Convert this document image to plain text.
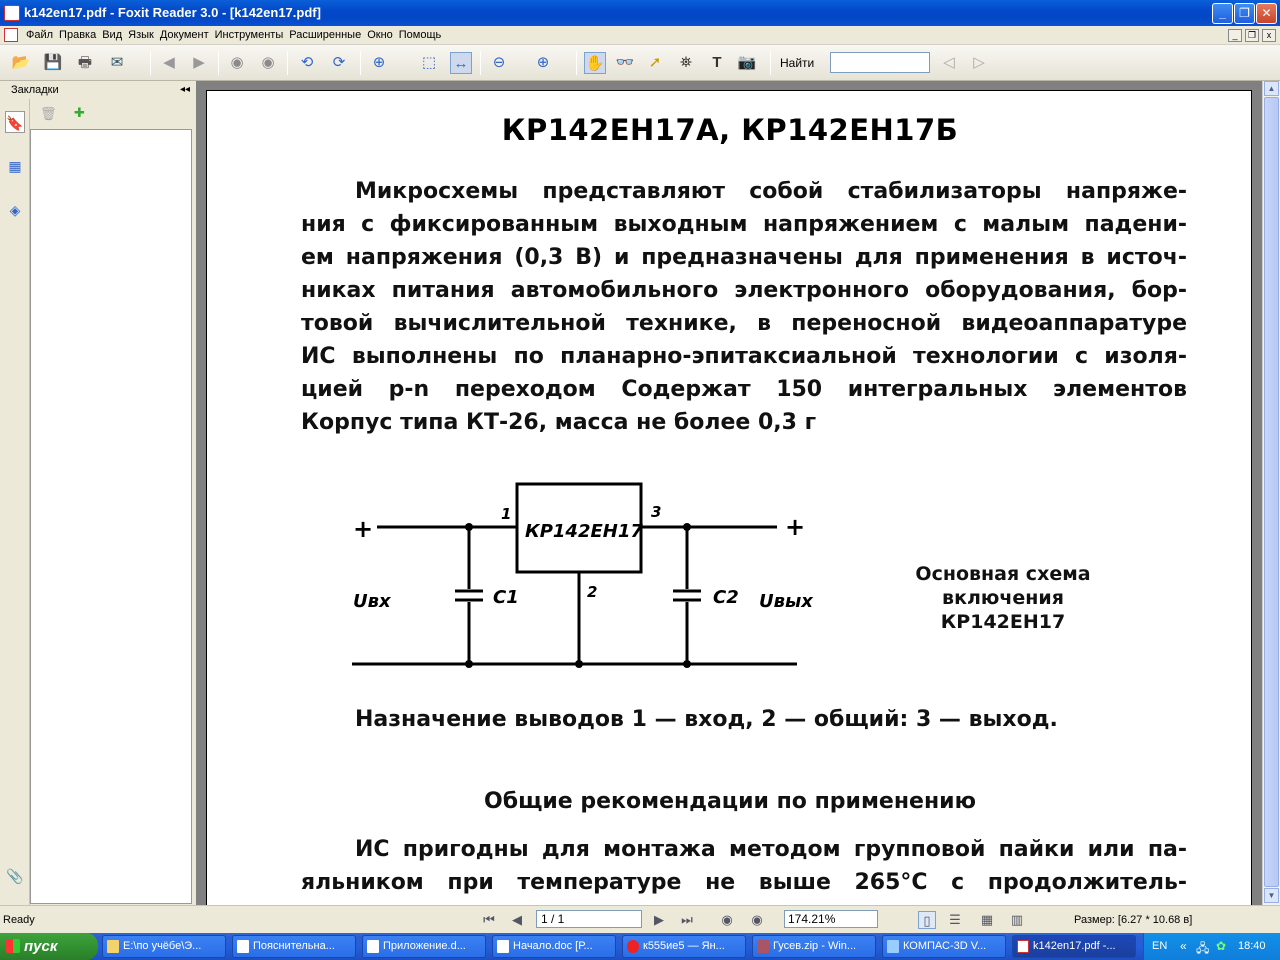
k142en17.pdf - Foxit Reader 3.0 - [k142en17.pdf]	_	❐ ✕
Файл Правка Вид Язык Документ Инструменты Расширенные Окно Помощь	_	❐	x
📂 💾 🖶	✉	◀	▶	◉ ◉	⟲	⟳	⊕	⬚ ↔	⊖	⊕	✋ 👓 ➚	⛯	T	📷 Найти	◁	▷
🔖
▦
◈
📎
Закладки	◂◂
🗑 ✚
КР142ЕН17А, КР142ЕН17Б
Микросхемы представляют собой стабилизаторы напряже-
ния с фиксированным выходным напряжением с малым падени-
ем напряжения (0,3 В) и предназначены для применения в источ-
никах питания автомобильного электронного оборудования, бор-
товой вычислительной технике, в переносной видеоаппаратуре
ИС выполнены по планарно-эпитаксиальной технологии с изоля-
цией p-n переходом Содержат 150 интегральных элементов
Корпус типа КТ-26, масса не более 0,3 г
КР142ЕН17
1
2
3
C1	C2
Uвх	Uвых
+	+
Основная схема включения
КР142ЕН17
Назначение выводов 1 — вход, 2 — общий: 3 — выход.
Общие рекомендации по применению
ИС пригодны для монтажа методом групповой пайки или па-
яльником при температуре не выше 265°С с продолжитель-
▲
▼
Ready	⏮	◀	1 / 1	▶	⏭ ◉ ◉	174.21%	▯	☰ ▦ ▥	Размер: [6.27 * 10.68 в]
пуск	E:\по учёбе\Э...	Пояснительна...	Приложение.d...	Начало.doc [Р...	к555ие5 — Ян...	Гусев.zip - Win...	КОМПАС-3D V...	k142en17.pdf -...	EN « 🖧 ✿ 18:40
